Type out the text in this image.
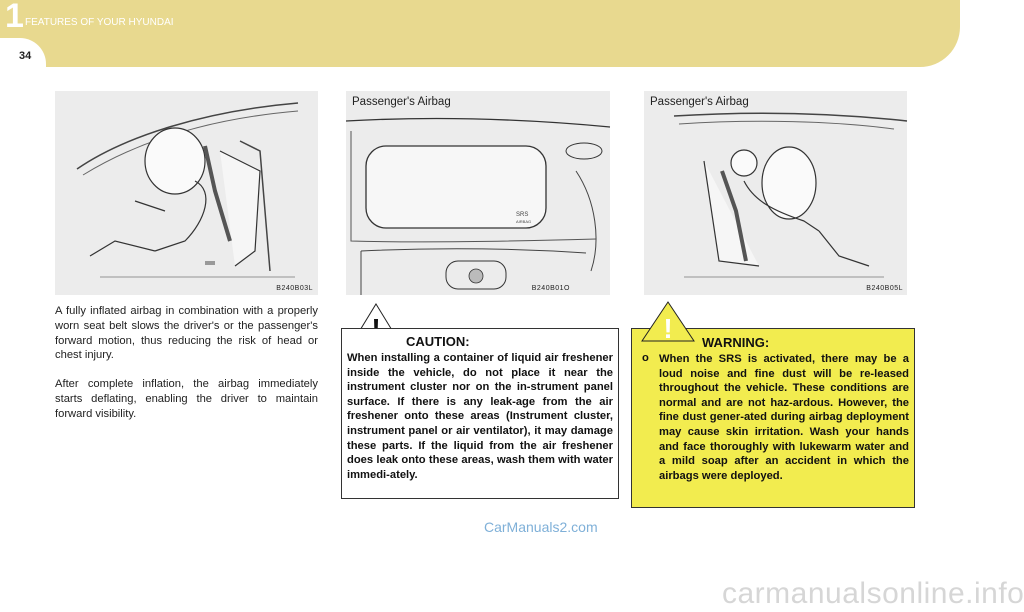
1 FEATURES OF YOUR HYUNDAI
34
B240B03L
SRS
AIRBAG
Passenger's Airbag
B240B01O
Passenger's Airbag
B240B05L

A fully inflated airbag in combination with a properly worn seat belt slows the driver's or the passenger's forward motion, thus reducing the risk of head or chest injury.

After complete inflation, the airbag immediately starts deflating, enabling the driver to maintain forward visibility.

CAUTION:
When installing a container of liquid air freshener inside the vehicle, do not place it near the instrument cluster nor on the in-strument panel surface. If there is any leak-age from the air freshener onto these areas (Instrument cluster, instrument panel or air ventilator), it may damage these parts. If the liquid from the air freshener does leak onto these areas, wash them with water immedi-ately.
WARNING:
o When the SRS is activated, there may be a loud noise and fine dust will be re-leased throughout the vehicle. These conditions are normal and are not haz-ardous. However, the fine dust gener-ated during airbag deployment may cause skin irritation. Wash your hands and face thoroughly with lukewarm water and a mild soap after an accident in which the airbags were deployed.
!
CarManuals2.com
carmanualsonline.info
